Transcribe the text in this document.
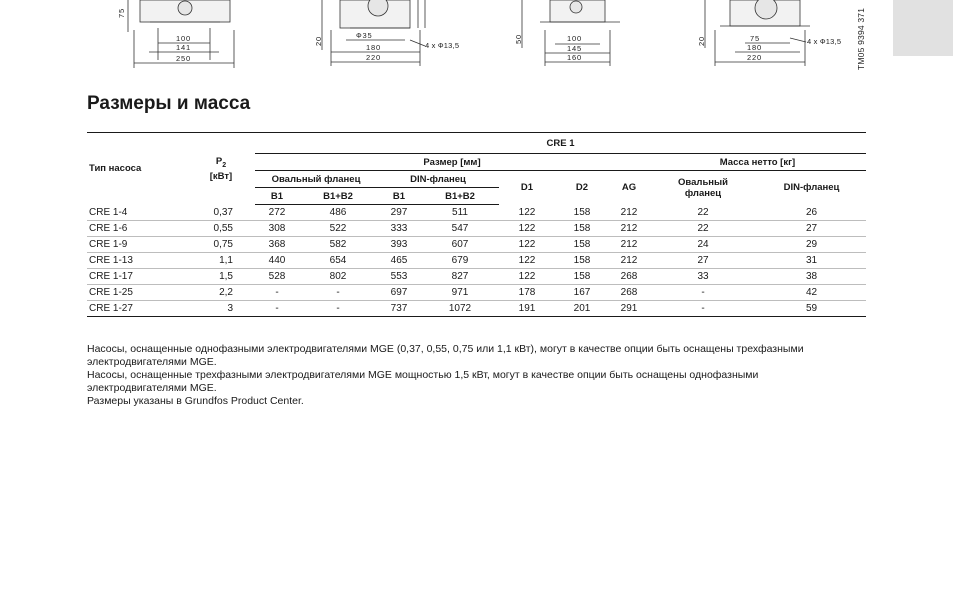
75
100
141
250
20
Ф35
180
220
4 x Ф13,5
50	100
145
160
20	75
180
220
4 x Ф13,5 TM05 9394 371
Размеры и масса
Тип насоса	$P_2$
[кВт]	CRE 1								
		Размер [мм]							Масса нетто [кг]	
		Овальный фланец		DIN-фланец		D1	D2	AG	Овальный фланец	DIN-фланец
		B1	B1+B2	B1	B1+B2					
CRE 1-4	0,37	272	486	297	511	122	158	212	22	26
CRE 1-6	0,55	308	522	333	547	122	158	212	22	27
CRE 1-9	0,75	368	582	393	607	122	158	212	24	29
CRE 1-13	1,1	440	654	465	679	122	158	212	27	31
CRE 1-17	1,5	528	802	553	827	122	158	268	33	38
CRE 1-25	2,2	-	-	697	971	178	167	268	-	42
CRE 1-27	3	-	-	737	1072	191	201	291	-	59

Насосы, оснащенные однофазными электродвигателями MGE (0,37, 0,55, 0,75 или 1,1 кВт), могут в качестве опции быть оснащены трехфазными электродвигателями MGE.

Насосы, оснащенные трехфазными электродвигателями MGE мощностью 1,5 кВт, могут в качестве опции быть оснащены однофазными электродвигателями MGE.

Размеры указаны в Grundfos Product Center.
